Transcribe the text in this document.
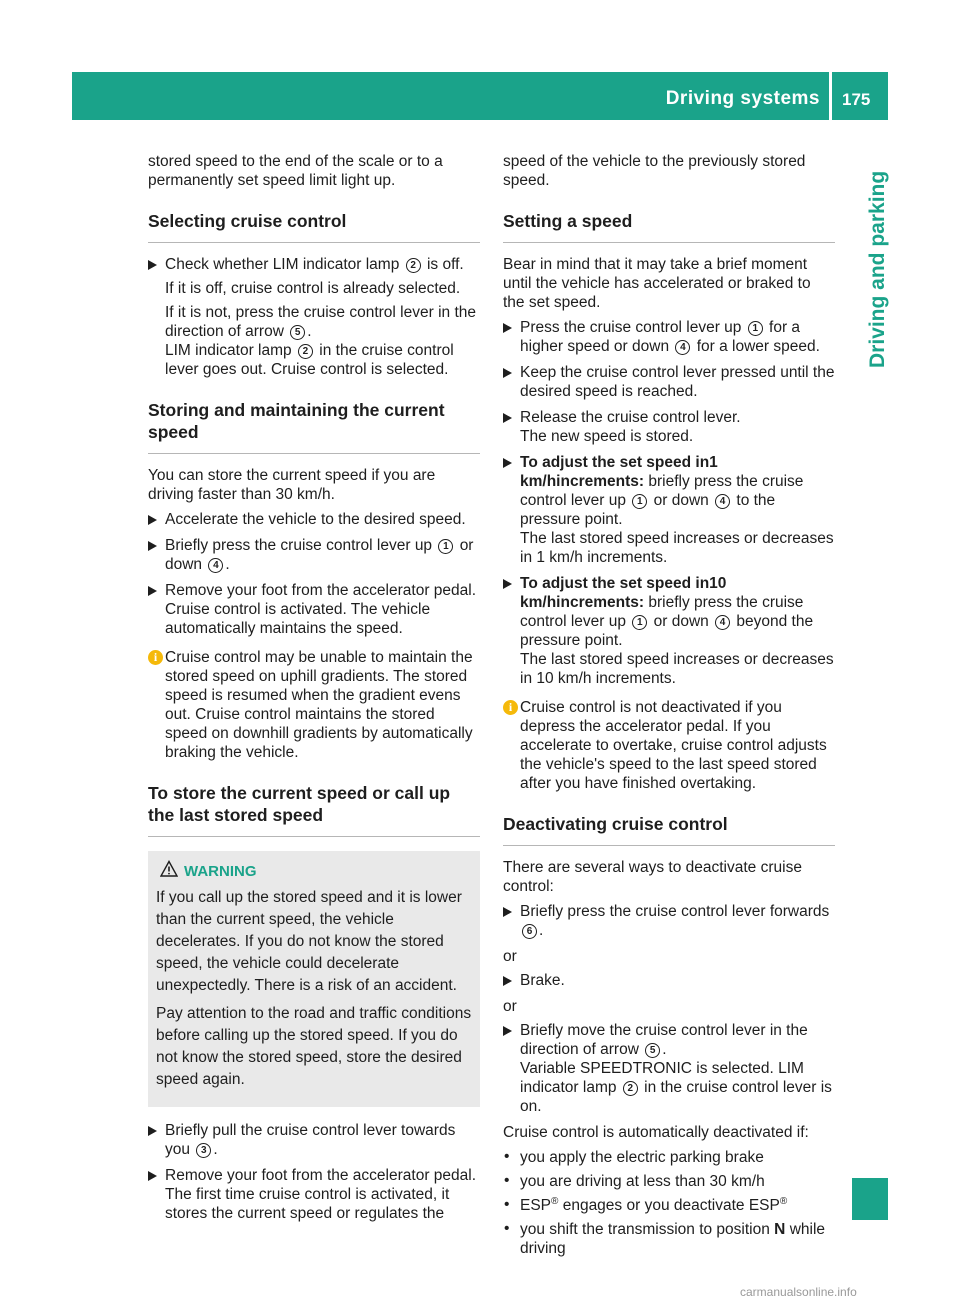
Driving systems 175
Driving and parking

stored speed to the end of the scale or to a permanently set speed limit light up.

Selecting cruise control
Check whether LIM indicator lamp 2 is off.
If it is off, cruise control is already selected.
If it is not, press the cruise control lever in the direction of arrow 5 .
LIM indicator lamp 2 in the cruise control lever goes out. Cruise control is selected.
Storing and maintaining the current speed

You can store the current speed if you are driving faster than 30 km/h.

Accelerate the vehicle to the desired speed.
Briefly press the cruise control lever up 1 or down 4 .
Remove your foot from the accelerator pedal. Cruise control is activated. The vehicle automatically maintains the speed.
i Cruise control may be unable to maintain the stored speed on uphill gradients. The stored speed is resumed when the gradient evens out. Cruise control maintains the stored speed on downhill gradients by automatically braking the vehicle.
To store the current speed or call up the last stored speed
WARNING

If you call up the stored speed and it is lower than the current speed, the vehicle decelerates. If you do not know the stored speed, the vehicle could decelerate unexpectedly. There is a risk of an accident.

Pay attention to the road and traffic conditions before calling up the stored speed. If you do not know the stored speed, store the desired speed again.

Briefly pull the cruise control lever towards you 3 .
Remove your foot from the accelerator pedal. The first time cruise control is activated, it stores the current speed or regulates the

speed of the vehicle to the previously stored speed.

Setting a speed

Bear in mind that it may take a brief moment until the vehicle has accelerated or braked to the set speed.

Press the cruise control lever up 1 for a higher speed or down 4 for a lower speed.
Keep the cruise control lever pressed until the desired speed is reached.
Release the cruise control lever.
The new speed is stored.
To adjust the set speed in1 km/hincrements: briefly press the cruise control lever up 1 or down 4 to the pressure point.
The last stored speed increases or decreases in 1 km/h increments.
To adjust the set speed in10 km/hincrements: briefly press the cruise control lever up 1 or down 4 beyond the pressure point.
The last stored speed increases or decreases in 10 km/h increments.
i Cruise control is not deactivated if you depress the accelerator pedal. If you accelerate to overtake, cruise control adjusts the vehicle's speed to the last speed stored after you have finished overtaking.
Deactivating cruise control

There are several ways to deactivate cruise control:

Briefly press the cruise control lever forwards 6 .

or

Brake.

or

Briefly move the cruise control lever in the direction of arrow 5 .
Variable SPEEDTRONIC is selected. LIM indicator lamp 2 in the cruise control lever is on.

Cruise control is automatically deactivated if:

• you apply the electric parking brake
• you are driving at less than 30 km/h
• ESP® engages or you deactivate ESP®
• you shift the transmission to position N while driving
carmanualsonline.info
